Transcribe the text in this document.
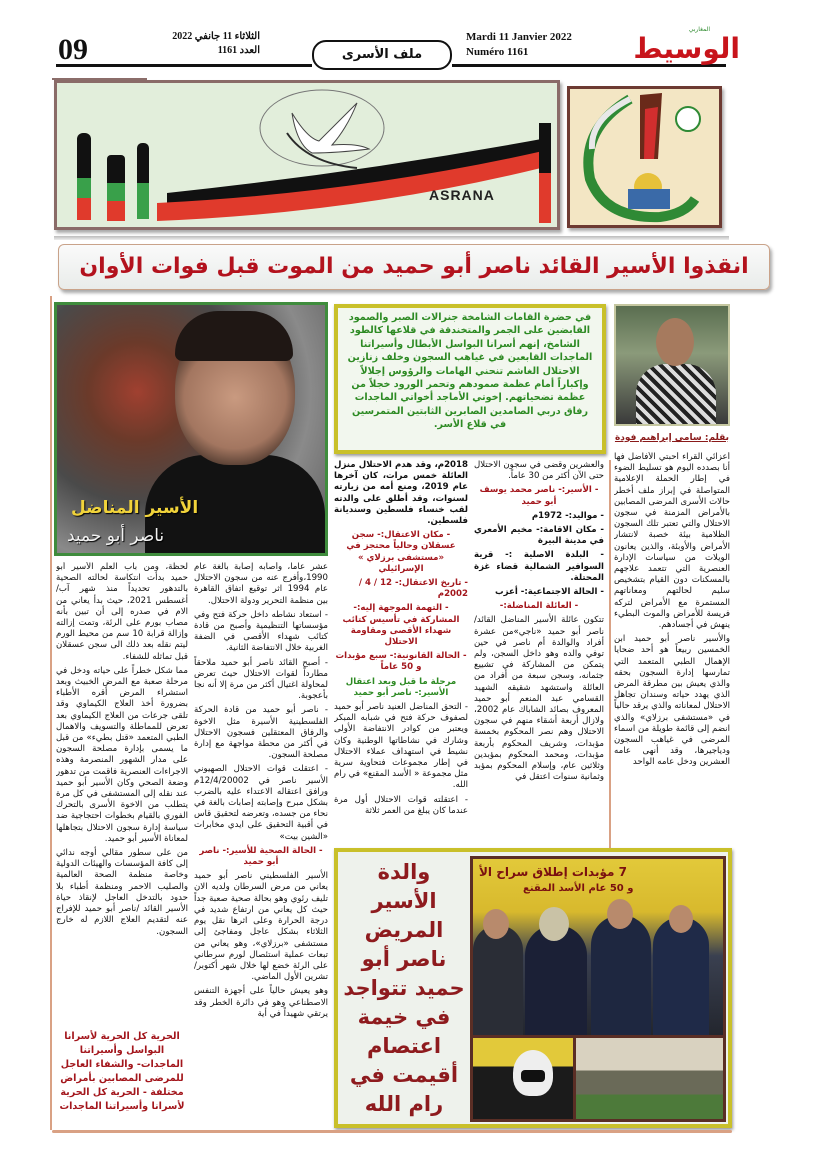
09	الثلاثاء 11 جانفي 2022
العدد 1161	ملف الأسرى
Mardi 11 Janvier 2022
Numéro 1161
المغاربي
الوسيط
ASRANA
انقذوا الأسير القائد ناصر أبو حميد من الموت قبل فوات الأوان
الأسير المناضل
ناصر أبو حميد
في حضرة القامات الشامخة جنرالات الصبر والصمود القابضين على الجمر والمتخندقة في قلاعها كالطود الشامخ، إنهم أسرانا البواسل الأبطال وأسيراتنا الماجدات القابعين في غياهب السجون وخلف زنازين الاحتلال الغاشم تنحني الهامات والرؤوس إجلالاً وإكباراً أمام عظمة صمودهم وتحمر الورود خجلاً من عظمة تضحياتهم. إخوتي الأماجد أخواتي الماجدات رفاق دربي الصامدين الصابرين الثابتين المتمرسين في قلاع الأسر.
بقلم: سامي إبراهيم فودة

أعزائي القراء أحبتي الأفاضل فها أنا بصدده اليوم هو تسليط الضوء في إطار الحملة الإعلامية المتواصلة في إبراز ملف أخطر حالات الأسرى المرضى المصابين بالأمراض المزمنة في سجون الاحتلال والتي تعتبر تلك السجون الظلامية بيئة خصبة لانتشار الأمراض والأوبئة، والذين يعانون الويلات من سياسات الإدارة العنصرية التي تتعمد علاجهم بالمسكنات دون القيام بتشخيص سليم لحالتهم ومعاناتهم المستمرة مع الأمراض لتركه فريسة للأمراض والموت البطيء ينهش في أجسادهم.

والأسير ناصر أبو حميد ابن الخمسين ربيعاً هو أحد ضحايا الإهمال الطبي المتعمد التي تمارسها إدارة السجون بحقه والذي يعيش بين مطرقة المرض الذي يهدد حياته وسندان تجاهل الاحتلال لمعاناته والذي يرقد حالياً في «مستشفى برزلاي» والذي انضم إلى قائمة طويلة من اسماء المرضى في غياهب السجون ودياجيرها، وقد أنهى عامه العشرين ودخل عامه الواحد

والعشرين وقضى في سجون الاحتلال حتى الآن أكثر من 30 عاماً.

- الأسير:- ناصر محمد يوسف أبو حميد

- مواليد:- 1972م

- مكان الاقامة:- مخيم الأمعري في مدينة البيرة

- البلدة الاصلية :- قرية السوافير الشمالية قضاء غزة المحتلة.

- الحالة الاجتماعية:- أعزب

- العائلة المناضلة:-

تتكون عائلة الأسير المناضل القائد/ ناصر أبو حميد «ناجي»من عشرة أفراد والوالدة أم ناصر في حين توفي والده وهو داخل السجن، ولم يتمكن من المشاركة في تشييع جثمانه، وسجن سبعة من أفراد من العائلة واستشهد شقيقه الشهيد القسامي عبد المنعم أبو حميد المعروف بصائد الشاباك عام 2002، ولازال أربعة أشقاء منهم في سجون الاحتلال وهم نصر المحكوم بخمسة مؤبدات، وشريف المحكوم بأربعة مؤبدات، ومحمد المحكوم بمؤبدين وثلاثين عام، وإسلام المحكوم بمؤبد وثمانية سنوات اعتقل في

2018م، وقد هدم الاحتلال منزل العائلة خمس مرات، كان آخرها عام 2019، ومنع أمه من زيارته لسنوات، وقد أطلق على والدته لقب خنساء فلسطين وسنديانة فلسطين.

- مكان الاعتقال:- سجن عسقلان وحالياً محتجز في «مستشفى برزلاي » الإسرائيلي

- تاريخ الاعتقال:- 12 / 4 / 2002م

- التهمة الموجهة إليه:- المشاركة في تأسيس كتائب شهداء الأقصى ومقاومة الاحتلال

- الحالة القانونية:- سبع مؤبدات و 50 عاماً

مرحلة ما قبل وبعد اعتقال الأسير:- ناصر أبو حميد

- التحق المناضل العنيد ناصر أبو حميد لصفوف حركة فتح في شبابه المبكر ويعتبر من كوادر الانتفاضة الأولى وشارك في نشاطاتها الوطنية وكان نشيط في استهداف عملاء الاحتلال في إطار مجموعات فتحاوية سرية مثل مجموعة « الأسد المقنع» في رام الله.

- اعتقلته قوات الاحتلال أول مرة عندما كان يبلغ من العمر ثلاثة

عشر عاماً، وأصابه إصابة بالغة عام 1990،وأفرج عنه من سجون الاحتلال عام 1994 اثر توقيع اتفاق القاهرة بين منظمة التحرير ودولة الاحتلال.

- استعاد نشاطه داخل حركة فتح وفي مؤسساتها التنظيمية وأصبح من قادة كتائب شهداء الأقصى في الضفة الغربية خلال الانتفاضة الثانية.

- أصبح القائد ناصر أبو حميد ملاحقاً مطارداً لقوات الاحتلال حيث تعرض لمحاولة اغتيال أكثر من مرة إلا أنه نجا بأعجوبة.

- ناصر أبو حميد من قادة الحركة الفلسطينية الأسيرة مثل الاخوة والرفاق المعتقلين فسجون الاحتلال في أكثر من محطة مواجهة مع إدارة مصلحة السجون.

- اعتقلت قوات الاحتلال الصهيوني الأسير ناصر في 12/4/20002م ورافق اعتقاله الاعتداء عليه بالضرب بشكل مبرح وإصابته إصابات بالغة في نحاء من جسده، وتعرضه لتحقيق قاس في أقبية التحقيق على ايدي مخابرات «الشين بيت»

- الحالة الصحية للأسير:- ناصر أبو حميد

الأسير الفلسطيني ناصر أبو حميد يعاني من مرض السرطان ولديه الان تليف رئوي وهو بحالة صحية صعبة جداً حيث كل يعاني من ارتفاع شديد في درجة الحرارة وعلى اثرها نقل يوم الثلاثاء بشكل عاجل ومفاجئ إلى مستشفى «برزلاي»، وهو يعاني من تبعات عملية استئصال لورم سرطاني على الرئة خضع لها خلال شهر أكتوبر/ تشرين الأول الماضي.

وهو يعيش حالياً على أجهزة التنفس الاصطناعي وهو في دائرة الخطر وقد يرتقي شهيداً في أية

لحظة، ومن باب العلم الأسير أبو حميد بدأت انتكاسة لحالته الصحية بالتدهور تحديداً منذ شهر آب/ أغسطس 2021، حيث بدأ يعاني من الام في صدره إلى أن تبين بأنه مصاب بورم على الرئة، وتمت إزالته وإزالة قرابة 10 سم من محيط الورم ليتم نقله بعد ذلك الى سجن عسقلان قبل تماثله للشفاء.

مما شكل خطراً على حياته ودخل في مرحلة صعبة مع المرض الخبيث وبعد استشراء المرض أقره الأطباء بضرورة أخذ العلاج الكيماوي وقد تلقى جرعات من العلاج الكيماوي بعد تعرض للمماطلة والتسويف والاهمال الطبي المتعمد «قتل بطيء» من قبل ما يسمى بإدارة مصلحة السجون على مدار الشهور المنصرمة وهذه الاجراءات العنصرية فاقمت من تدهور وضعة الصحي وكان الأسير أبو حميد عند نقله إلى المستشفى في كل مرة يتطلب من الاخوة الأسرى بالتحرك الفوري بالقيام بخطوات احتجاجية ضد سياسة إدارة سجون الاحتلال بتجاهلها لمعاناة الأسير أبو حميد.

من على سطور مقالي أوجه ندائي إلى كافة المؤسسات والهيئات الدولية وخاصة منظمة الصحة العالمية والصليب الاحمر ومنظمة أطباء بلا حدود بالتدخل العاجل لإنقاذ حياة الأسير القائد /ناصر أبو حميد للإفراج عنه لتقديم العلاج اللازم له خارج السجون.

الحرية كل الحرية لأسرانا البواسل وأسيراتنا الماجدات- والشفاء العاجل للمرضى المصابين بأمراض مختلفة - الحرية كل الحرية لأسرانا وأسيراتنا الماجدات
والدة الأسير المريض ناصر أبو حميد تتواجد في خيمة اعتصام أقيمت في رام الله
7 مؤبدات إطلاق سراح الأ
و 50 عام الأسد المقنع
